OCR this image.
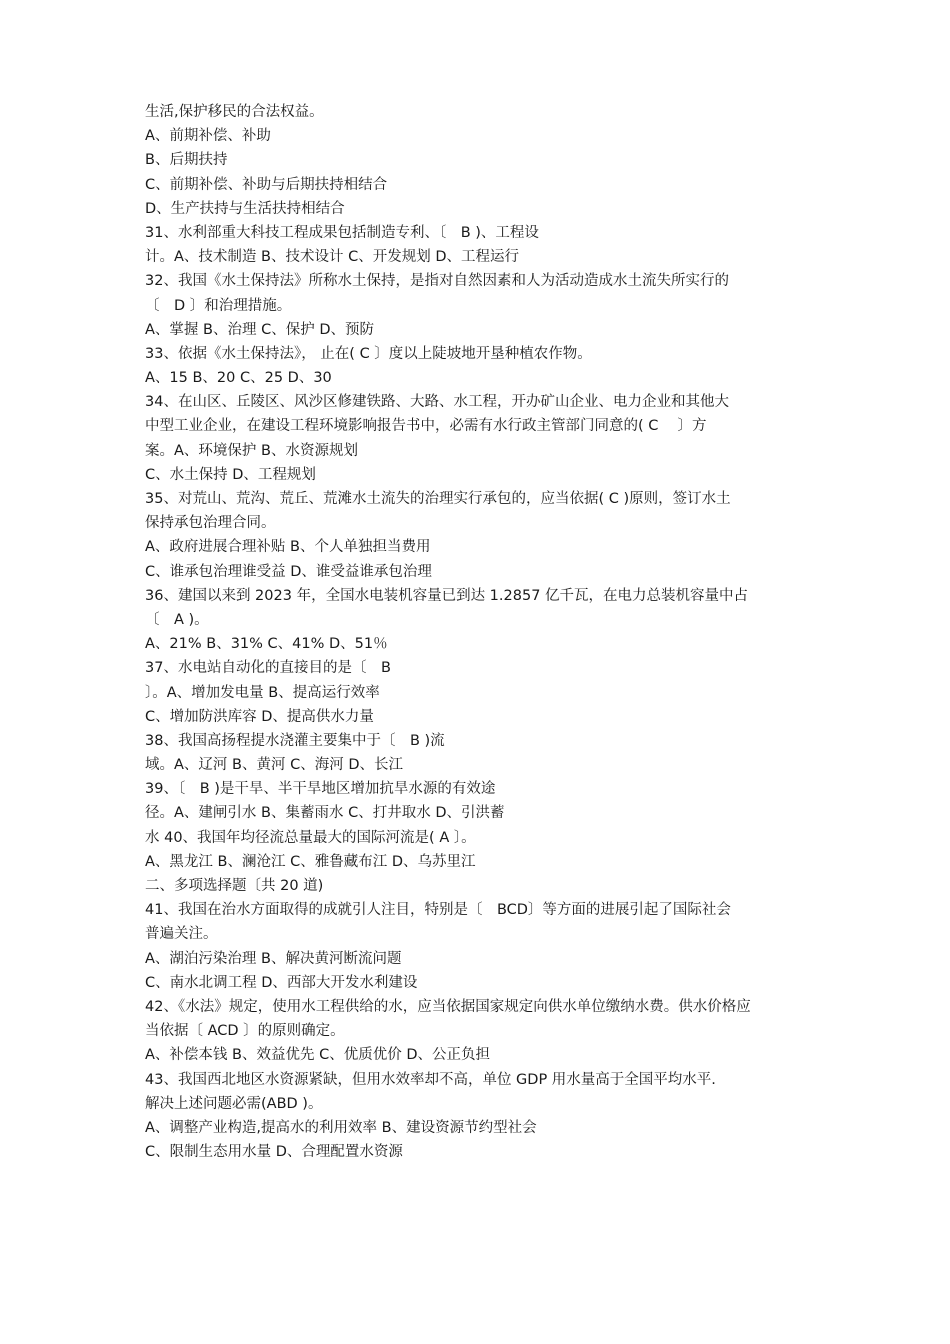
生活,保护移民的合法权益。
A、前期补偿、补助
B、后期扶持
C、前期补偿、补助与后期扶持相结合
D、生产扶持与生活扶持相结合
31、水利部重大科技工程成果包括制造专利、〔　B )、工程设
计。A、技术制造 B、技术设计 C、开发规划 D、工程运行
32、我国《水土保持法》所称水土保持，是指对自然因素和人为活动造成水土流失所实行的
〔　D 〕和治理措施。
A、掌握 B、治理 C、保护 D、预防
33、依据《水土保持法》， 止在( C 〕度以上陡坡地开垦种植农作物。
A、15 B、20 C、25 D、30
34、在山区、丘陵区、风沙区修建铁路、大路、水工程，开办矿山企业、电力企业和其他大
中型工业企业，在建设工程环境影响报告书中，必需有水行政主管部门同意的( C　 〕方
案。A、环境保护 B、水资源规划
C、水土保持 D、工程规划
35、对荒山、荒沟、荒丘、荒滩水土流失的治理实行承包的，应当依据( C )原则，签订水土
保持承包治理合同。
A、政府进展合理补贴 B、个人单独担当费用
C、谁承包治理谁受益 D、谁受益谁承包治理
36、建国以来到 2023 年，全国水电装机容量已到达 1.2857 亿千瓦，在电力总装机容量中占
〔　A )。
A、21% B、31% C、41% D、51％
37、水电站自动化的直接目的是〔　B
〕。A、增加发电量 B、提高运行效率
C、增加防洪库容 D、提高供水力量
38、我国高扬程提水浇灌主要集中于〔　B )流
域。A、辽河 B、黄河 C、海河 D、长江
39、〔　B )是干旱、半干旱地区增加抗旱水源的有效途
径。A、建闸引水 B、集蓄雨水 C、打井取水 D、引洪蓄
水 40、我国年均径流总量最大的国际河流是( A 〕。
A、黑龙江 B、澜沧江 C、雅鲁藏布江 D、乌苏里江
二、多项选择题〔共 20 道)
41、我国在治水方面取得的成就引人注目，特别是〔　BCD〕等方面的进展引起了国际社会
普遍关注。
A、湖泊污染治理 B、解决黄河断流问题
C、南水北调工程 D、西部大开发水利建设
42、《水法》规定，使用水工程供给的水，应当依据国家规定向供水单位缴纳水费。供水价格应
当依据〔 ACD 〕的原则确定。
A、补偿本钱 B、效益优先 C、优质优价 D、公正负担
43、我国西北地区水资源紧缺，但用水效率却不高，单位 GDP 用水量高于全国平均水平.
解决上述问题必需(ABD )。
A、调整产业构造,提高水的利用效率 B、建设资源节约型社会
C、限制生态用水量 D、合理配置水资源
